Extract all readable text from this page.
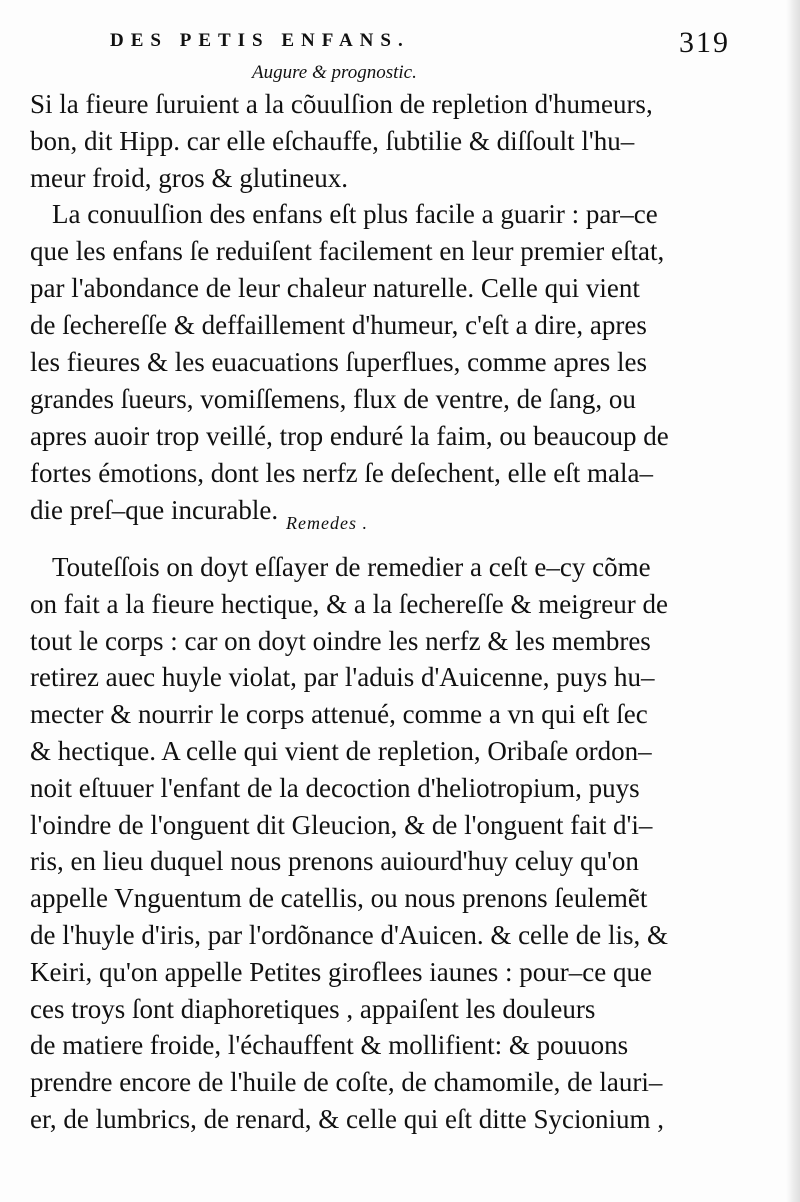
DES PETIS ENFANS.	319
Augure & prognostic.
Si la fieure ſuruient a la cõuulſion de repletion d'humeurs,
bon, dit Hipp. car elle eſchauffe, ſubtilie & diſſoult l'hu–
meur froid, gros & glutineux.
La conuulſion des enfans eſt plus facile a guarir : par–ce
que les enfans ſe reduiſent facilement en leur premier eſtat,
par l'abondance de leur chaleur naturelle. Celle qui vient
de ſechereſſe & deffaillement d'humeur, c'eſt a dire, apres
les fieures & les euacuations ſuperflues, comme apres les
grandes ſueurs, vomiſſemens, flux de ventre, de ſang, ou
apres auoir trop veillé, trop enduré la faim, ou beaucoup de
fortes émotions, dont les nerfz ſe deſechent, elle eſt mala–
die preſ–que incurable. Remedes .
Touteſſois on doyt eſſayer de remedier a ceſt e–cy cõme
on fait a la fieure hectique, & a la ſechereſſe & meigreur de
tout le corps : car on doyt oindre les nerfz & les membres
retirez auec huyle violat, par l'aduis d'Auicenne, puys hu–
mecter & nourrir le corps attenué, comme a vn qui eſt ſec
& hectique. A celle qui vient de repletion, Oribaſe ordon–
noit eſtuuer l'enfant de la decoction d'heliotropium, puys
l'oindre de l'onguent dit Gleucion, & de l'onguent fait d'i–
ris, en lieu duquel nous prenons auiourd'huy celuy qu'on
appelle Vnguentum de catellis, ou nous prenons ſeulemẽt
de l'huyle d'iris, par l'ordõnance d'Auicen. & celle de lis, &
Keiri, qu'on appelle Petites giroflees iaunes : pour–ce que
ces troys ſont diaphoretiques , appaiſent les douleurs
de matiere froide, l'échauffent & mollifient: & pouuons
prendre encore de l'huile de coſte, de chamomile, de lauri–
er, de lumbrics, de renard, & celle qui eſt ditte Sycionium ,
